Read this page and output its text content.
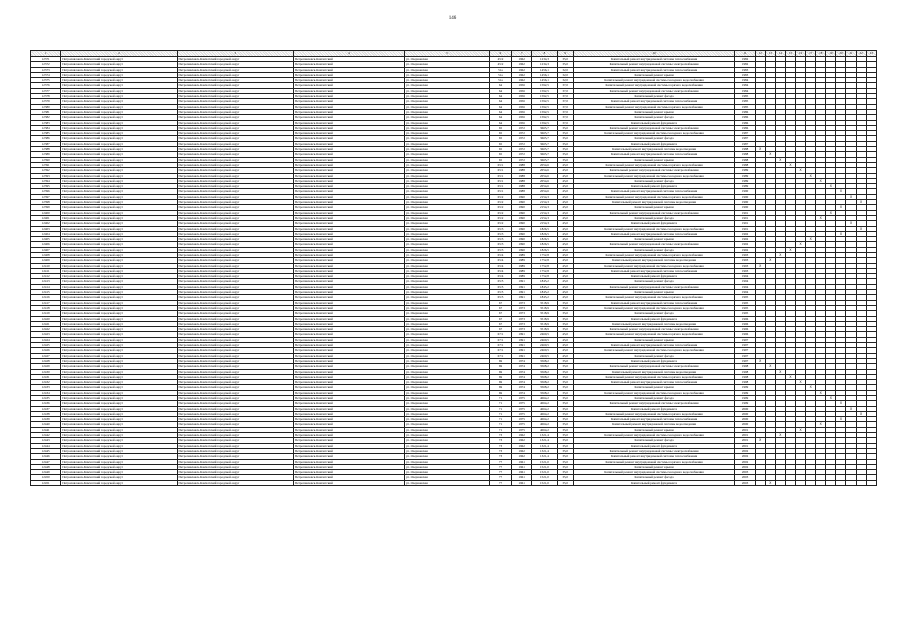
146
1	2	3	4	5	6	7	8	9	10	11	12	13	14	15	16	17	18	19	20	21	22	23
12371	Петропавловск-Камчатский городской округ	Петропавловск-Камчатский городской округ	Петропавловск-Камчатский	ул. Озерновская	45/2	1962	1234,3	35,0	Капитальный ремонт внутридомовой системы теплоснабжения	1982												
12372	Петропавловск-Камчатский городской округ	Петропавловск-Камчатский городской округ	Петропавловск-Камчатский	ул. Озерновская	45/2	1962	1234,3	35,0	Капитальный ремонт внутридомовой системы электроснабжения	1982												
12373	Петропавловск-Камчатский городской округ	Петропавловск-Камчатский городской округ	Петропавловск-Камчатский	ул. Озерновская	51а	1962	1456,1	32,0	Капитальный ремонт внутридомовой системы теплоснабжения	1983												
12374	Петропавловск-Камчатский городской округ	Петропавловск-Камчатский городской округ	Петропавловск-Камчатский	ул. Озерновская	51а	1962	1456,1	32,0	Капитальный ремонт крыши	1983												
12375	Петропавловск-Камчатский городской округ	Петропавловск-Камчатский городской округ	Петропавловск-Камчатский	ул. Озерновская	51а	1962	1456,1	32,0	Капитальный ремонт внутридомовой системы холодного водоснабжения	1984												
12376	Петропавловск-Камчатский городской округ	Петропавловск-Камчатский городской округ	Петропавловск-Камчатский	ул. Озерновская	64	1956	1592,5	37,0	Капитальный ремонт внутридомовой системы горячего водоснабжения	1984												
12377	Петропавловск-Камчатский городской округ	Петропавловск-Камчатский городской округ	Петропавловск-Камчатский	ул. Озерновская	64	1956	1592,5	37,0	Капитальный ремонт внутридомовой системы электроснабжения	1984												
12378	Петропавловск-Камчатский городской округ	Петропавловск-Камчатский городской округ	Петропавловск-Камчатский	ул. Озерновская	64	1956	1592,5	37,0	Капитальный ремонт фасада	1985												
12379	Петропавловск-Камчатский городской округ	Петропавловск-Камчатский городской округ	Петропавловск-Камчатский	ул. Озерновская	64	1956	1592,5	37,0	Капитальный ремонт внутридомовой системы теплоснабжения	1985												
12380	Петропавловск-Камчатский городской округ	Петропавловск-Камчатский городской округ	Петропавловск-Камчатский	ул. Озерновская	64	1956	1592,5	37,0	Капитальный ремонт внутридомовой системы горячего водоснабжения	1985												
12381	Петропавловск-Камчатский городской округ	Петропавловск-Камчатский городской округ	Петропавловск-Камчатский	ул. Озерновская	64	1956	1592,5	37,0	Капитальный ремонт крыши	1986												
12382	Петропавловск-Камчатский городской округ	Петропавловск-Камчатский городской округ	Петропавловск-Камчатский	ул. Озерновская	64	1956	1592,5	37,0	Капитальный ремонт фасада	1986												
12383	Петропавловск-Камчатский городской округ	Петропавловск-Камчатский городской округ	Петропавловск-Камчатский	ул. Озерновская	64	1956	1592,5	37,0	Капитальный ремонт фундамента	1986												
12384	Петропавловск-Камчатский городской округ	Петропавловск-Камчатский городской округ	Петропавловск-Камчатский	ул. Озерновская	65	1972	3665,7	35,0	Капитальный ремонт внутридомовой системы электроснабжения	1986												
12385	Петропавловск-Камчатский городской округ	Петропавловск-Камчатский городской округ	Петропавловск-Камчатский	ул. Озерновская	65	1972	3665,7	35,0	Капитальный ремонт внутридомовой системы холодного водоснабжения	1987												
12386	Петропавловск-Камчатский городской округ	Петропавловск-Камчатский городской округ	Петропавловск-Камчатский	ул. Озерновская	65	1972	3665,7	35,0	Капитальный ремонт фасада	1987												
12387	Петропавловск-Камчатский городской округ	Петропавловск-Камчатский городской округ	Петропавловск-Камчатский	ул. Озерновская	65	1972	3665,7	35,0	Капитальный ремонт фундамента	1987												
12388	Петропавловск-Камчатский городской округ	Петропавловск-Камчатский городской округ	Петропавловск-Камчатский	ул. Озерновская	65	1972	3665,7	35,0	Капитальный ремонт внутридомовой системы водоотведения	1988	X											
12389	Петропавловск-Камчатский городской округ	Петропавловск-Камчатский городской округ	Петропавловск-Камчатский	ул. Озерновская	65	1972	3665,7	35,0	Капитальный ремонт внутридомовой системы теплоснабжения	1988		X										
12390	Петропавловск-Камчатский городской округ	Петропавловск-Камчатский городской округ	Петропавловск-Камчатский	ул. Озерновская	65	1972	3665,7	35,0	Капитальный ремонт крыши	1988			X									
12391	Петропавловск-Камчатский городской округ	Петропавловск-Камчатский городской округ	Петропавловск-Камчатский	ул. Озерновская	65/1	1988	2054,6	45,0	Капитальный ремонт внутридомовой системы горячего водоснабжения	1988				X								
12392	Петропавловск-Камчатский городской округ	Петропавловск-Камчатский городской округ	Петропавловск-Камчатский	ул. Озерновская	65/1	1988	2054,6	45,0	Капитальный ремонт внутридомовой системы электроснабжения	1989					X							
12393	Петропавловск-Камчатский городской округ	Петропавловск-Камчатский городской округ	Петропавловск-Камчатский	ул. Озерновская	65/1	1988	2054,6	45,0	Капитальный ремонт внутридомовой системы холодного водоснабжения	1989						X						
12394	Петропавловск-Камчатский городской округ	Петропавловск-Камчатский городской округ	Петропавловск-Камчатский	ул. Озерновская	65/1	1988	2054,6	45,0	Капитальный ремонт фасада	1989							X					
12395	Петропавловск-Камчатский городской округ	Петропавловск-Камчатский городской округ	Петропавловск-Камчатский	ул. Озерновская	65/1	1988	2054,6	45,0	Капитальный ремонт фундамента	1989								X				
12396	Петропавловск-Камчатский городской округ	Петропавловск-Камчатский городской округ	Петропавловск-Камчатский	ул. Озерновская	65/1	1988	2054,6	45,0	Капитальный ремонт внутридомовой системы теплоснабжения	1990									X			
12397	Петропавловск-Камчатский городской округ	Петропавловск-Камчатский городской округ	Петропавловск-Камчатский	ул. Озерновская	65/2	1990	2154,3	45,0	Капитальный ремонт внутридомовой системы горячего водоснабжения	1990										X		
12398	Петропавловск-Камчатский городской округ	Петропавловск-Камчатский городской округ	Петропавловск-Камчатский	ул. Озерновская	65/2	1990	2154,3	45,0	Капитальный ремонт внутридомовой системы водоотведения	1990											X	
12399	Петропавловск-Камчатский городской округ	Петропавловск-Камчатский городской округ	Петропавловск-Камчатский	ул. Озерновская	65/2	1990	2154,3	45,0	Капитальный ремонт крыши	1990									X			
12400	Петропавловск-Камчатский городской округ	Петропавловск-Камчатский городской округ	Петропавловск-Камчатский	ул. Озерновская	65/2	1990	2154,3	45,0	Капитальный ремонт внутридомовой системы электроснабжения	1991								X				
12401	Петропавловск-Камчатский городской округ	Петропавловск-Камчатский городской округ	Петропавловск-Камчатский	ул. Озерновская	65/2	1990	2154,3	45,0	Капитальный ремонт фасада	1991							X					
12402	Петропавловск-Камчатский городской округ	Петропавловск-Камчатский городской округ	Петропавловск-Камчатский	ул. Озерновская	65/2	1990	2154,3	45,0	Капитальный ремонт фундамента	1991										X		
12403	Петропавловск-Камчатский городской округ	Петропавловск-Камчатский городской округ	Петропавловск-Камчатский	ул. Озерновская	65/3	1990	1826,5	45,0	Капитальный ремонт внутридомовой системы холодного водоснабжения	1991											X	
12404	Петропавловск-Камчатский городской округ	Петропавловск-Камчатский городской округ	Петропавловск-Камчатский	ул. Озерновская	65/3	1990	1826,5	45,0	Капитальный ремонт внутридомовой системы теплоснабжения	1992									X			
12405	Петропавловск-Камчатский городской округ	Петропавловск-Камчатский городской округ	Петропавловск-Камчатский	ул. Озерновская	65/3	1990	1826,5	45,0	Капитальный ремонт крыши	1992						X						
12406	Петропавловск-Камчатский городской округ	Петропавловск-Камчатский городской округ	Петропавловск-Камчатский	ул. Озерновская	65/3	1990	1826,5	45,0	Капитальный ремонт внутридомовой системы электроснабжения	1992					X							
12407	Петропавловск-Камчатский городской округ	Петропавловск-Камчатский городской округ	Петропавловск-Камчатский	ул. Озерновская	65/3	1990	1826,5	45,0	Капитальный ремонт фасада	1992				X								
12408	Петропавловск-Камчатский городской округ	Петропавловск-Камчатский городской округ	Петропавловск-Камчатский	ул. Озерновская	65/4	1989	1752,8	45,0	Капитальный ремонт внутридомовой системы горячего водоснабжения	1993			X									
12409	Петропавловск-Камчатский городской округ	Петропавловск-Камчатский городской округ	Петропавловск-Камчатский	ул. Озерновская	65/4	1989	1752,8	45,0	Капитальный ремонт внутридомовой системы водоотведения	1993		X										
12410	Петропавловск-Камчатский городской округ	Петропавловск-Камчатский городской округ	Петропавловск-Камчатский	ул. Озерновская	65/4	1989	1752,8	45,0	Капитальный ремонт внутридомовой системы холодного водоснабжения	1993	X											
12411	Петропавловск-Камчатский городской округ	Петропавловск-Камчатский городской округ	Петропавловск-Камчатский	ул. Озерновская	65/4	1989	1752,8	45,0	Капитальный ремонт внутридомовой системы теплоснабжения	1993												
12412	Петропавловск-Камчатский городской округ	Петропавловск-Камчатский городской округ	Петропавловск-Камчатский	ул. Озерновская	65/4	1989	1752,8	45,0	Капитальный ремонт фундамента	1994												
12413	Петропавловск-Камчатский городской округ	Петропавловск-Камчатский городской округ	Петропавловск-Камчатский	ул. Озерновская	65/5	1991	1845,2	45,0	Капитальный ремонт фасада	1994												
12414	Петропавловск-Камчатский городской округ	Петропавловск-Камчатский городской округ	Петропавловск-Камчатский	ул. Озерновская	65/5	1991	1845,2	45,0	Капитальный ремонт внутридомовой системы электроснабжения	1994												
12415	Петропавловск-Камчатский городской округ	Петропавловск-Камчатский городской округ	Петропавловск-Камчатский	ул. Озерновская	65/5	1991	1845,2	45,0	Капитальный ремонт крыши	1994												
12416	Петропавловск-Камчатский городской округ	Петропавловск-Камчатский городской округ	Петропавловск-Камчатский	ул. Озерновская	65/5	1991	1845,2	45,0	Капитальный ремонт внутридомовой системы горячего водоснабжения	1995												
12417	Петропавловск-Камчатский городской округ	Петропавловск-Камчатский городской округ	Петропавловск-Камчатский	ул. Озерновская	67	1973	3518,9	35,0	Капитальный ремонт внутридомовой системы теплоснабжения	1995												
12418	Петропавловск-Камчатский городской округ	Петропавловск-Камчатский городской округ	Петропавловск-Камчатский	ул. Озерновская	67	1973	3518,9	35,0	Капитальный ремонт внутридомовой системы холодного водоснабжения	1995												
12419	Петропавловск-Камчатский городской округ	Петропавловск-Камчатский городской округ	Петропавловск-Камчатский	ул. Озерновская	67	1973	3518,9	35,0	Капитальный ремонт фасада	1995												
12420	Петропавловск-Камчатский городской округ	Петропавловск-Камчатский городской округ	Петропавловск-Камчатский	ул. Озерновская	67	1973	3518,9	35,0	Капитальный ремонт фундамента	1996												
12421	Петропавловск-Камчатский городской округ	Петропавловск-Камчатский городской округ	Петропавловск-Камчатский	ул. Озерновская	67	1973	3518,9	35,0	Капитальный ремонт внутридомовой системы водоотведения	1996												
12422	Петропавловск-Камчатский городской округ	Петропавловск-Камчатский городской округ	Петропавловск-Камчатский	ул. Озерновская	67	1973	3518,9	35,0	Капитальный ремонт внутридомовой системы электроснабжения	1996												
12423	Петропавловск-Камчатский городской округ	Петропавловск-Камчатский городской округ	Петропавловск-Камчатский	ул. Озерновская	67/1	1991	2460,5	45,0	Капитальный ремонт внутридомовой системы горячего водоснабжения	1996												
12424	Петропавловск-Камчатский городской округ	Петропавловск-Камчатский городской округ	Петропавловск-Камчатский	ул. Озерновская	67/1	1991	2460,5	45,0	Капитальный ремонт крыши	1997												
12425	Петропавловск-Камчатский городской округ	Петропавловск-Камчатский городской округ	Петропавловск-Камчатский	ул. Озерновская	67/1	1991	2460,5	45,0	Капитальный ремонт внутридомовой системы теплоснабжения	1997												
12426	Петропавловск-Камчатский городской округ	Петропавловск-Камчатский городской округ	Петропавловск-Камчатский	ул. Озерновская	67/1	1991	2460,5	45,0	Капитальный ремонт внутридомовой системы холодного водоснабжения	1997												
12427	Петропавловск-Камчатский городской округ	Петропавловск-Камчатский городской округ	Петропавловск-Камчатский	ул. Озерновская	67/1	1991	2460,5	45,0	Капитальный ремонт фасада	1997												
12428	Петропавловск-Камчатский городской округ	Петропавловск-Камчатский городской округ	Петропавловск-Камчатский	ул. Озерновская	69	1974	3568,2	35,0	Капитальный ремонт фундамента	1997	X											
12429	Петропавловск-Камчатский городской округ	Петропавловск-Камчатский городской округ	Петропавловск-Камчатский	ул. Озерновская	69	1974	3568,2	35,0	Капитальный ремонт внутридомовой системы электроснабжения	1998		X										
12430	Петропавловск-Камчатский городской округ	Петропавловск-Камчатский городской округ	Петропавловск-Камчатский	ул. Озерновская	69	1974	3568,2	35,0	Капитальный ремонт внутридомовой системы водоотведения	1998			X									
12431	Петропавловск-Камчатский городской округ	Петропавловск-Камчатский городской округ	Петропавловск-Камчатский	ул. Озерновская	69	1974	3568,2	35,0	Капитальный ремонт внутридомовой системы горячего водоснабжения	1998				X								
12432	Петропавловск-Камчатский городской округ	Петропавловск-Камчатский городской округ	Петропавловск-Камчатский	ул. Озерновская	69	1974	3568,2	35,0	Капитальный ремонт внутридомовой системы теплоснабжения	1998					X							
12433	Петропавловск-Камчатский городской округ	Петропавловск-Камчатский городской округ	Петропавловск-Камчатский	ул. Озерновская	69	1974	3568,2	35,0	Капитальный ремонт крыши	1999						X						
12434	Петропавловск-Камчатский городской округ	Петропавловск-Камчатский городской округ	Петропавловск-Камчатский	ул. Озерновская	69	1974	3568,2	35,0	Капитальный ремонт внутридомовой системы холодного водоснабжения	1999							X					
12435	Петропавловск-Камчатский городской округ	Петропавловск-Камчатский городской округ	Петропавловск-Камчатский	ул. Озерновская	71	1975	4064,2	35,0	Капитальный ремонт фасада	1999								X				
12436	Петропавловск-Камчатский городской округ	Петропавловск-Камчатский городской округ	Петропавловск-Камчатский	ул. Озерновская	71	1975	4064,2	35,0	Капитальный ремонт внутридомовой системы электроснабжения	1999									X			
12437	Петропавловск-Камчатский городской округ	Петропавловск-Камчатский городской округ	Петропавловск-Камчатский	ул. Озерновская	71	1975	4064,2	35,0	Капитальный ремонт фундамента	2000										X		
12438	Петропавловск-Камчатский городской округ	Петропавловск-Камчатский городской округ	Петропавловск-Камчатский	ул. Озерновская	71	1975	4064,2	35,0	Капитальный ремонт внутридомовой системы горячего водоснабжения	2000											X	
12439	Петропавловск-Камчатский городской округ	Петропавловск-Камчатский городской округ	Петропавловск-Камчатский	ул. Озерновская	71	1975	4064,2	35,0	Капитальный ремонт внутридомовой системы теплоснабжения	2000									X			
12440	Петропавловск-Камчатский городской округ	Петропавловск-Камчатский городской округ	Петропавловск-Камчатский	ул. Озерновская	71	1975	4064,2	35,0	Капитальный ремонт внутридомовой системы водоотведения	2000							X					
12441	Петропавловск-Камчатский городской округ	Петропавловск-Камчатский городской округ	Петропавловск-Камчатский	ул. Озерновская	71	1975	4064,2	35,0	Капитальный ремонт крыши	2001					X							
12442	Петропавловск-Камчатский городской округ	Петропавловск-Камчатский городской округ	Петропавловск-Камчатский	ул. Озерновская	73	1962	1321,4	35,0	Капитальный ремонт внутридомовой системы холодного водоснабжения	2001			X									
12443	Петропавловск-Камчатский городской округ	Петропавловск-Камчатский городской округ	Петропавловск-Камчатский	ул. Озерновская	73	1962	1321,4	35,0	Капитальный ремонт фасада	2001	X											
12444	Петропавловск-Камчатский городской округ	Петропавловск-Камчатский городской округ	Петропавловск-Камчатский	ул. Озерновская	73	1962	1321,4	35,0	Капитальный ремонт фундамента	2001												
12445	Петропавловск-Камчатский городской округ	Петропавловск-Камчатский городской округ	Петропавловск-Камчатский	ул. Озерновская	73	1962	1321,4	35,0	Капитальный ремонт внутридомовой системы электроснабжения	2002												
12446	Петропавловск-Камчатский городской округ	Петропавловск-Камчатский городской округ	Петропавловск-Камчатский	ул. Озерновская	73	1962	1321,4	35,0	Капитальный ремонт внутридомовой системы теплоснабжения	2002												
12447	Петропавловск-Камчатский городской округ	Петропавловск-Камчатский городской округ	Петропавловск-Камчатский	ул. Озерновская	77	1961	1521,0	35,0	Капитальный ремонт внутридомовой системы горячего водоснабжения	2002												
12448	Петропавловск-Камчатский городской округ	Петропавловск-Камчатский городской округ	Петропавловск-Камчатский	ул. Озерновская	77	1961	1521,0	35,0	Капитальный ремонт крыши	2002												
12449	Петропавловск-Камчатский городской округ	Петропавловск-Камчатский городской округ	Петропавловск-Камчатский	ул. Озерновская	77	1961	1521,0	35,0	Капитальный ремонт внутридомовой системы холодного водоснабжения	2003												
12450	Петропавловск-Камчатский городской округ	Петропавловск-Камчатский городской округ	Петропавловск-Камчатский	ул. Озерновская	77	1961	1521,0	35,0	Капитальный ремонт фасада	2003												
12451	Петропавловск-Камчатский городской округ	Петропавловск-Камчатский городской округ	Петропавловск-Камчатский	ул. Озерновская	77	1961	1521,0	35,0	Капитальный ремонт фундамента	2003		X										
